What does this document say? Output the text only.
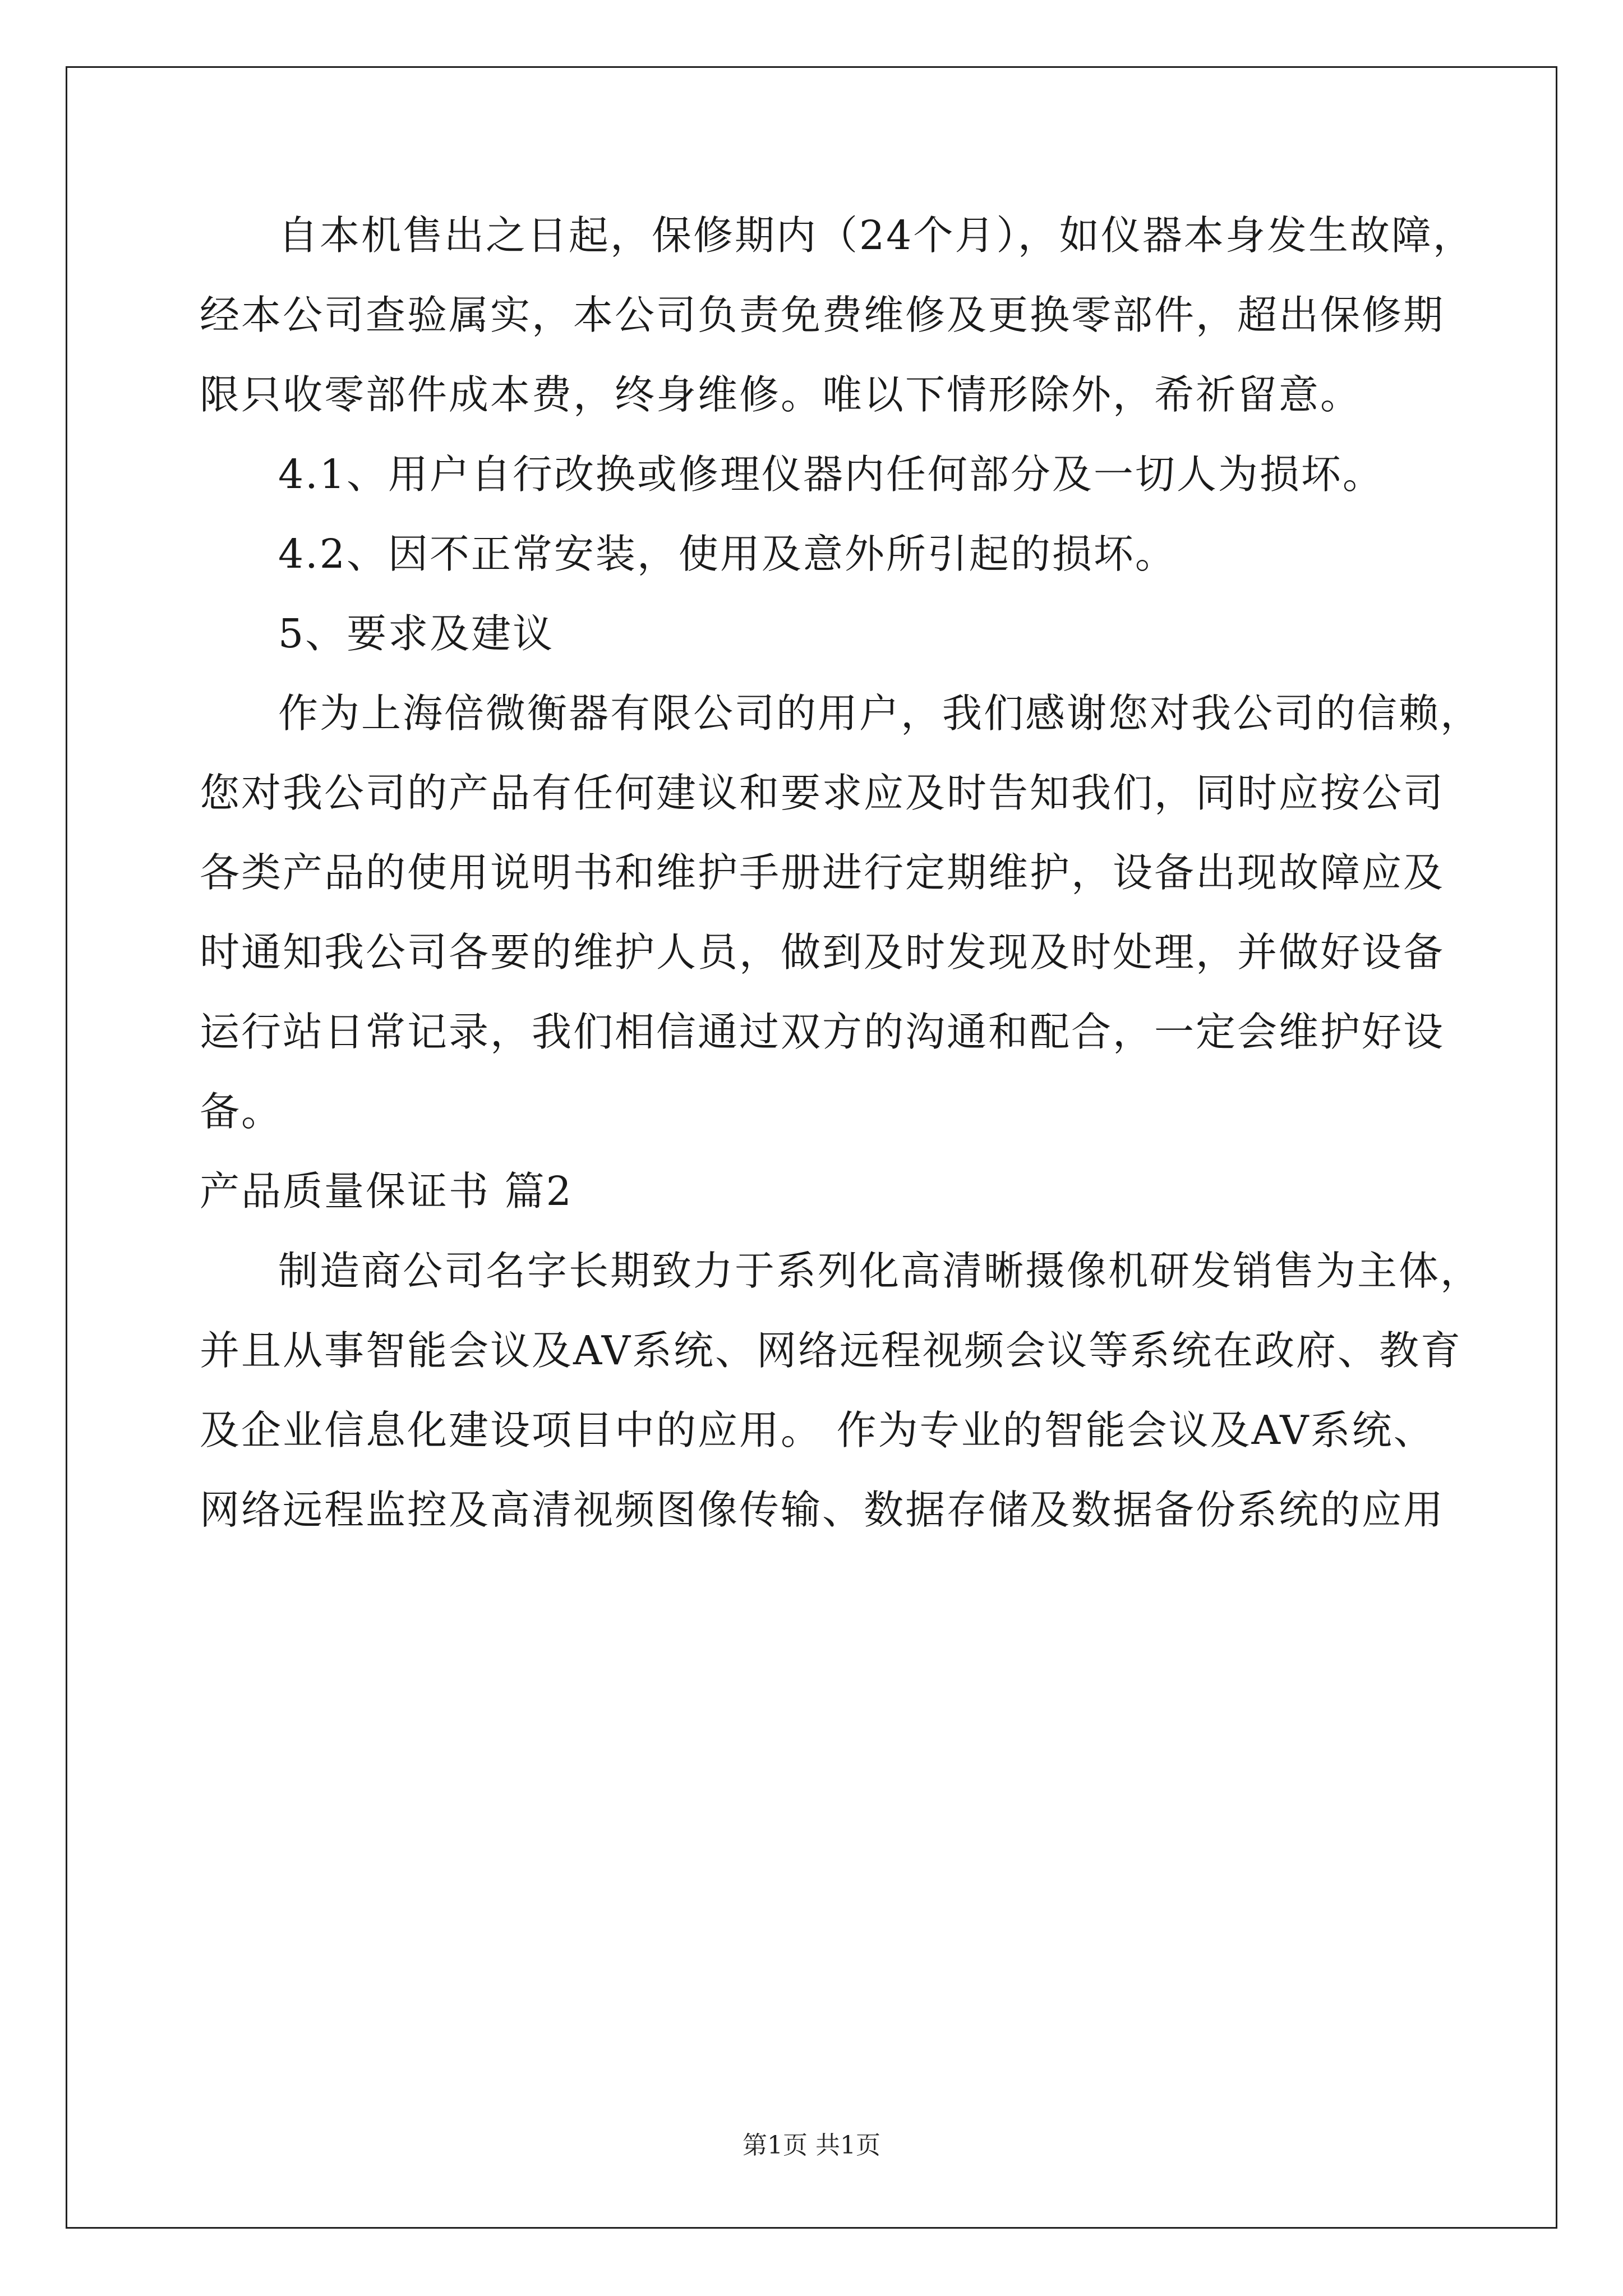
自本机售出之日起，保修期内（24个月），如仪器本身发生故障，
经本公司查验属实，本公司负责免费维修及更换零部件，超出保修期
限只收零部件成本费，终身维修。唯以下情形除外，希祈留意。
4.1、用户自行改换或修理仪器内任何部分及一切人为损坏。
4.2、因不正常安装，使用及意外所引起的损坏。
5、要求及建议
作为上海倍微衡器有限公司的用户，我们感谢您对我公司的信赖，
您对我公司的产品有任何建议和要求应及时告知我们，同时应按公司
各类产品的使用说明书和维护手册进行定期维护，设备出现故障应及
时通知我公司各要的维护人员，做到及时发现及时处理，并做好设备
运行站日常记录，我们相信通过双方的沟通和配合，一定会维护好设
备。
产品质量保证书 篇2
制造商公司名字长期致力于系列化高清晰摄像机研发销售为主体，
并且从事智能会议及AV系统、网络远程视频会议等系统在政府、教育
及企业信息化建设项目中的应用。 作为专业的智能会议及AV系统、
网络远程监控及高清视频图像传输、数据存储及数据备份系统的应用
第1页 共1页
